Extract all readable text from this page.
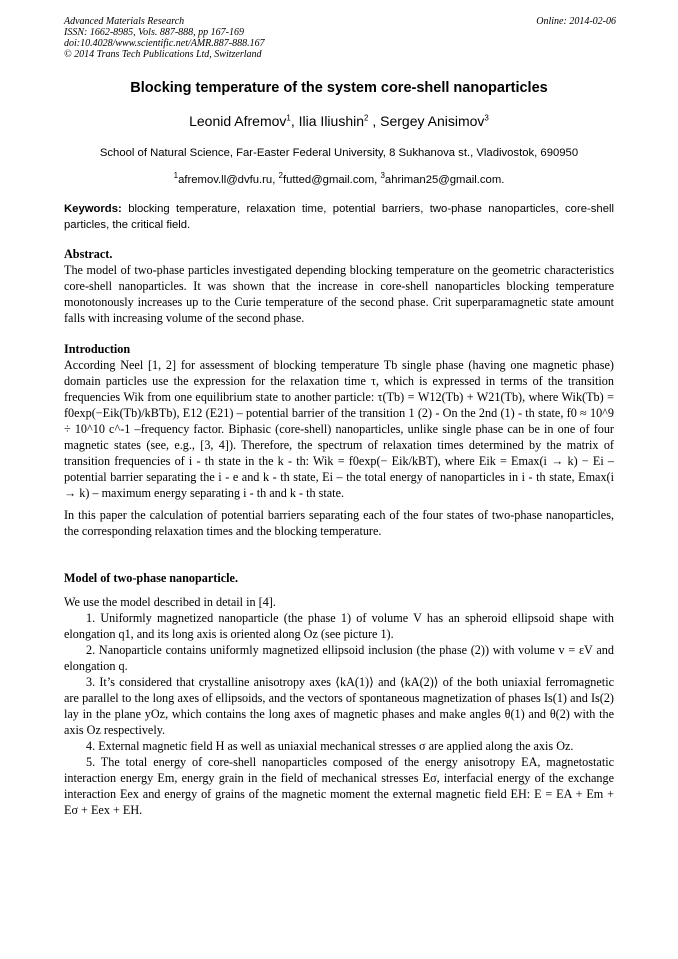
Advanced Materials Research
ISSN: 1662-8985, Vols. 887-888, pp 167-169
doi:10.4028/www.scientific.net/AMR.887-888.167
© 2014 Trans Tech Publications Ltd, Switzerland
Online: 2014-02-06
Blocking temperature of the system core-shell nanoparticles
Leonid Afremov$^1$, Ilia Iliushin$^2$ , Sergey Anisimov$^3$
School of Natural Science, Far-Easter Federal University, 8 Sukhanova st., Vladivostok, 690950
$^1$afremov.ll@dvfu.ru, $^2$futted@gmail.com, $^3$ahriman25@gmail.com.
Keywords: blocking temperature, relaxation time, potential barriers, two-phase nanoparticles, core-shell particles, the critical field.
Abstract.
The model of two-phase particles investigated depending blocking temperature on the geometric characteristics core-shell nanoparticles. It was shown that the increase in core-shell nanoparticles blocking temperature monotonously increases up to the Curie temperature of the second phase. Crit superparamagnetic state amount falls with increasing volume of the second phase.
Introduction
According Neel [1, 2] for assessment of blocking temperature Tb single phase (having one magnetic phase) domain particles use the expression for the relaxation time τ, which is expressed in terms of the transition frequencies Wik from one equilibrium state to another particle: τ(Tb) = W12(Tb) + W21(Tb), where Wik(Tb) = f0exp(−Eik(Tb)/kBTb), E12 (E21) – potential barrier of the transition 1 (2) - On the 2nd (1) - th state, f0 ≈ 10^9 ÷ 10^10 c^-1 –frequency factor. Biphasic (core-shell) nanoparticles, unlike single phase can be in one of four magnetic states (see, e.g., [3, 4]). Therefore, the spectrum of relaxation times determined by the matrix of transition frequencies of i - th state in the k - th: Wik = f0exp(− Eik/kBT), where Eik = Emax(i → k) − Ei – potential barrier separating the i - e and k - th state, Ei – the total energy of nanoparticles in i - th state, Emax(i → k) – maximum energy separating i - th and k - th state.
In this paper the calculation of potential barriers separating each of the four states of two-phase nanoparticles, the corresponding relaxation times and the blocking temperature.
Model of two-phase nanoparticle.
We use the model described in detail in [4].
1. Uniformly magnetized nanoparticle (the phase 1) of volume V has an spheroid ellipsoid shape with elongation q1, and its long axis is oriented along Oz (see picture 1).
2. Nanoparticle contains uniformly magnetized ellipsoid inclusion (the phase (2)) with volume v = εV and elongation q.
3. It’s considered that crystalline anisotropy axes ⟨kA(1)⟩ and ⟨kA(2)⟩ of the both uniaxial ferromagnetic are parallel to the long axes of ellipsoids, and the vectors of spontaneous magnetization of phases Is(1) and Is(2) lay in the plane yOz, which contains the long axes of magnetic phases and make angles θ(1) and θ(2) with the axis Oz respectively.
4. External magnetic field H as well as uniaxial mechanical stresses σ are applied along the axis Oz.
5. The total energy of core-shell nanoparticles composed of the energy anisotropy EA, magnetostatic interaction energy Em, energy grain in the field of mechanical stresses Eσ, interfacial energy of the exchange interaction Eex and energy of grains of the magnetic moment the external magnetic field EH: E = EA + Em + Eσ + Eex + EH.
